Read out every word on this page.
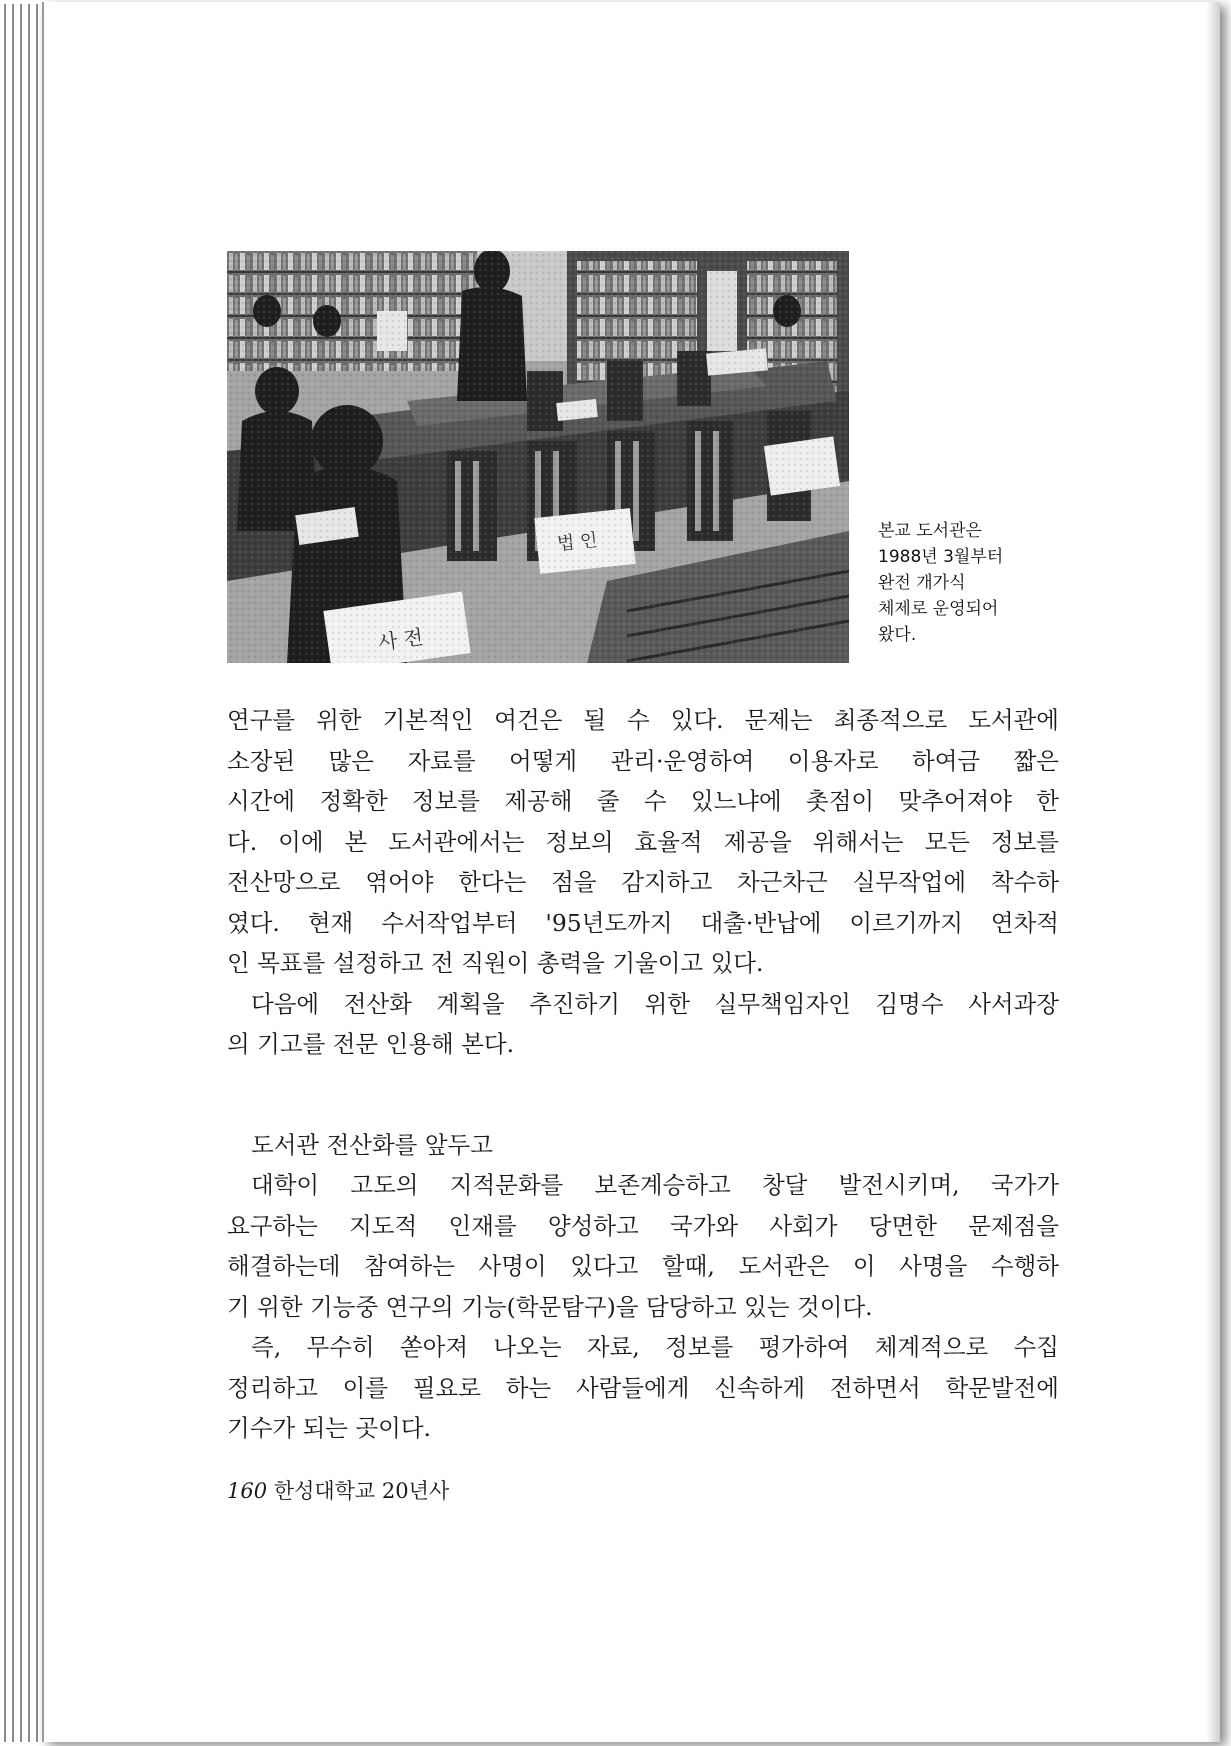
본교 도서관은
1988년 3월부터
완전 개가식
체제로 운영되어
왔다.
연구를 위한 기본적인 여건은 될 수 있다. 문제는 최종적으로 도서관에
소장된 많은 자료를 어떻게 관리·운영하여 이용자로 하여금 짧은
시간에 정확한 정보를 제공해 줄 수 있느냐에 촛점이 맞추어져야 한
다. 이에 본 도서관에서는 정보의 효율적 제공을 위해서는 모든 정보를
전산망으로 엮어야 한다는 점을 감지하고 차근차근 실무작업에 착수하
였다. 현재 수서작업부터 '95년도까지 대출·반납에 이르기까지 연차적
인 목표를 설정하고 전 직원이 총력을 기울이고 있다.
다음에 전산화 계획을 추진하기 위한 실무책임자인 김명수 사서과장
의 기고를 전문 인용해 본다.
도서관 전산화를 앞두고
대학이 고도의 지적문화를 보존계승하고 창달 발전시키며, 국가가
요구하는 지도적 인재를 양성하고 국가와 사회가 당면한 문제점을
해결하는데 참여하는 사명이 있다고 할때, 도서관은 이 사명을 수행하
기 위한 기능중 연구의 기능(학문탐구)을 담당하고 있는 것이다.
즉, 무수히 쏟아져 나오는 자료, 정보를 평가하여 체계적으로 수집
정리하고 이를 필요로 하는 사람들에게 신속하게 전하면서 학문발전에
기수가 되는 곳이다.
160 한성대학교 20년사
